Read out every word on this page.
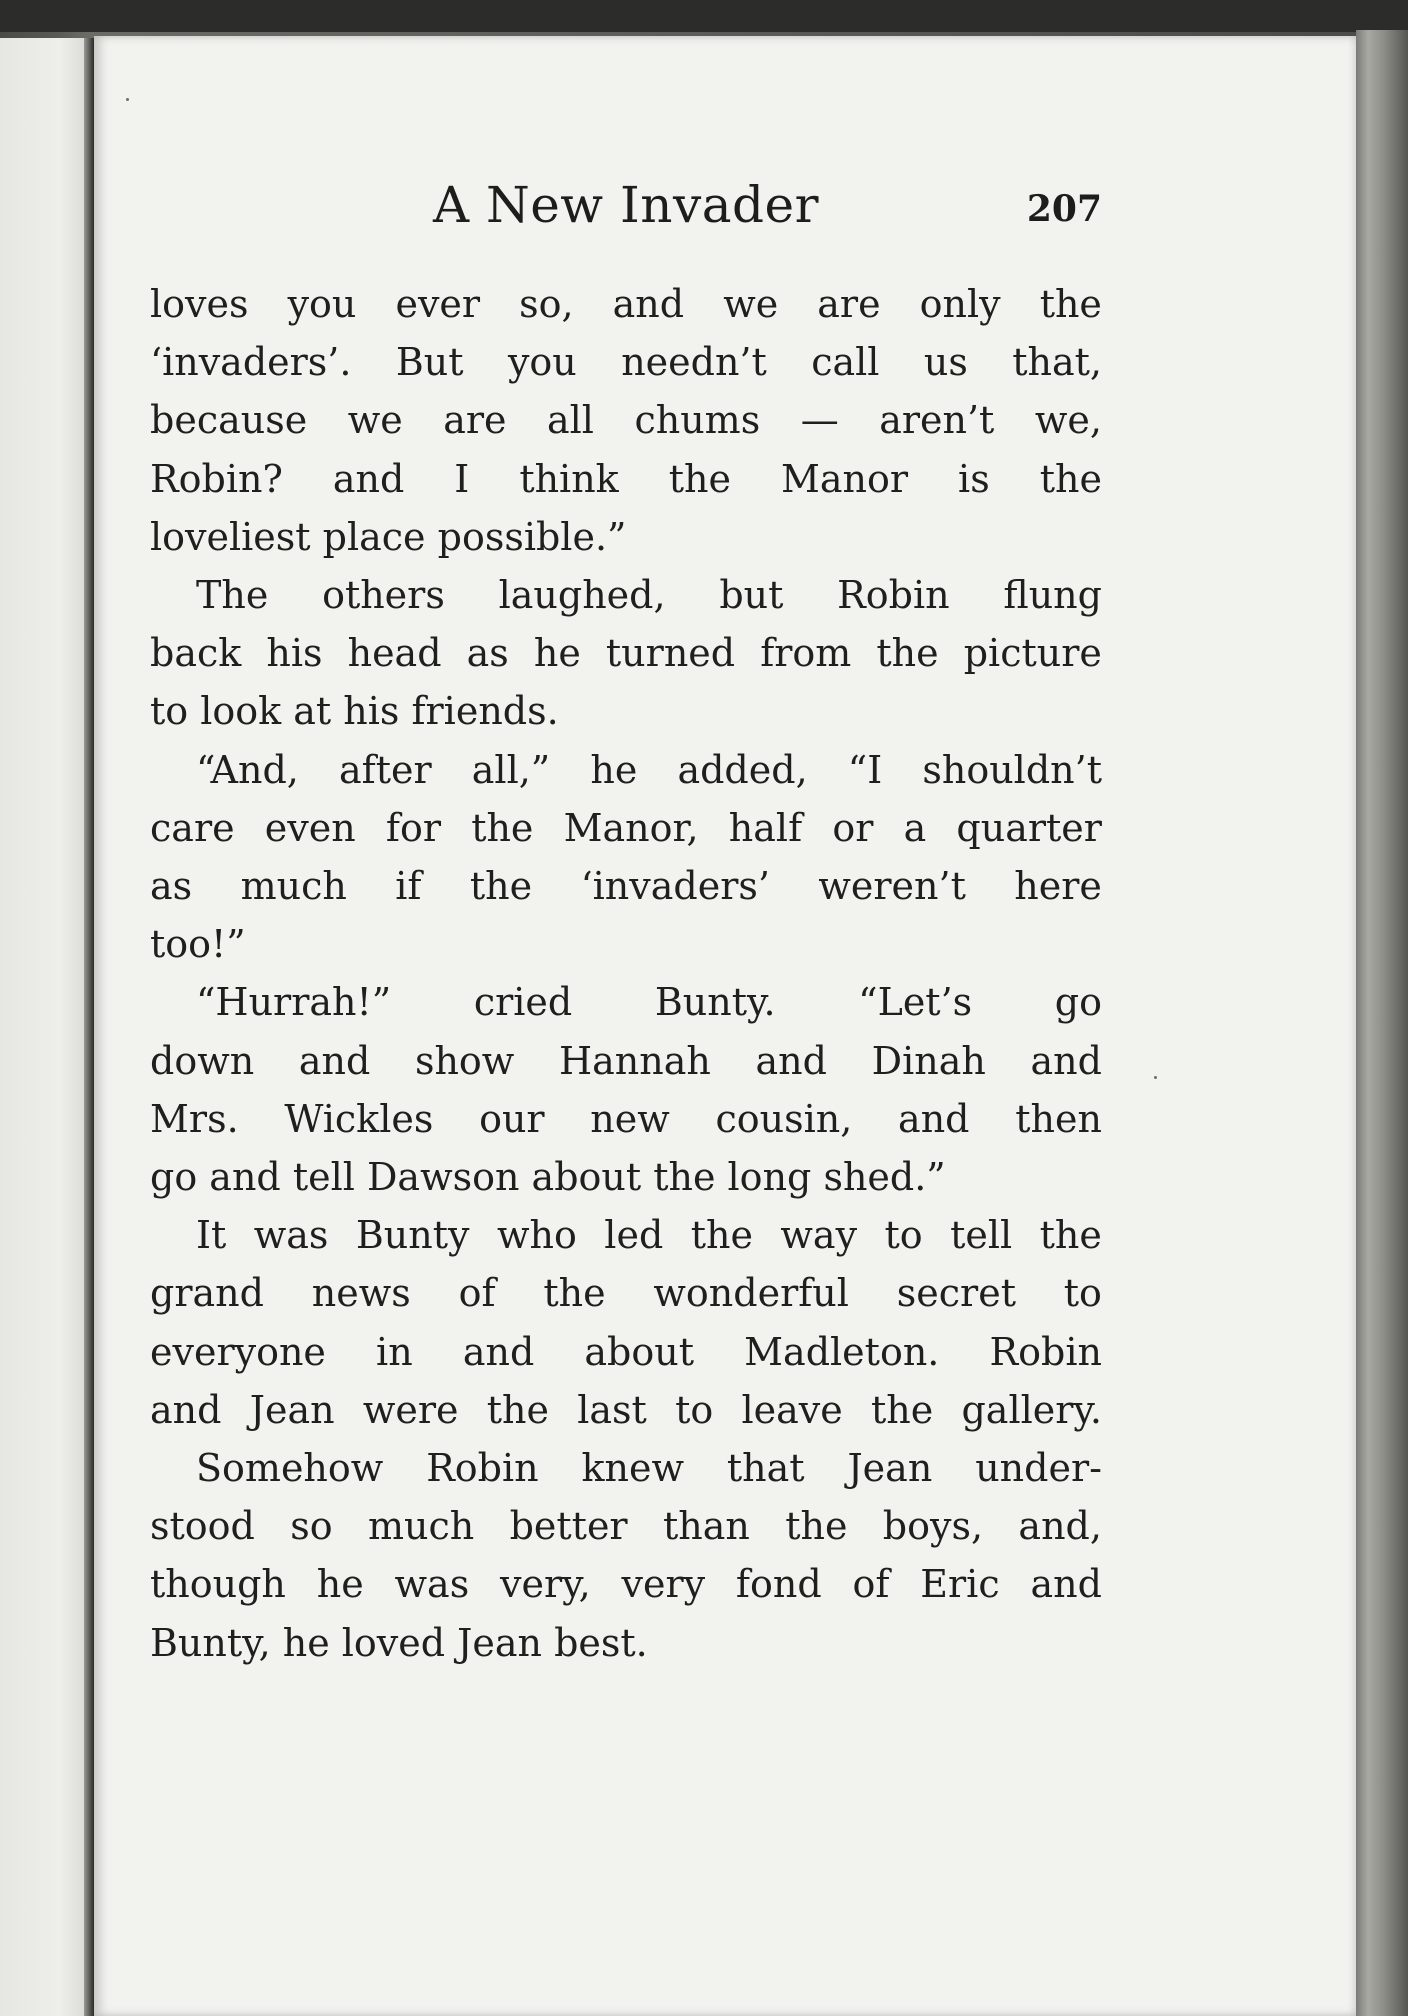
A New Invader	207
loves you ever so, and we are only the
‘invaders’. But you needn’t call us that,
because we are all chums — aren’t we,
Robin? and I think the Manor is the
loveliest place possible.”
The others laughed, but Robin flung
back his head as he turned from the picture
to look at his friends.
“And, after all,” he added, “I shouldn’t
care even for the Manor, half or a quarter
as much if the ‘invaders’ weren’t here
too!”
“Hurrah!” cried Bunty. “Let’s go
down and show Hannah and Dinah and
Mrs. Wickles our new cousin, and then
go and tell Dawson about the long shed.”
It was Bunty who led the way to tell the
grand news of the wonderful secret to
everyone in and about Madleton. Robin
and Jean were the last to leave the gallery.
Somehow Robin knew that Jean under-
stood so much better than the boys, and,
though he was very, very fond of Eric and
Bunty, he loved Jean best.
